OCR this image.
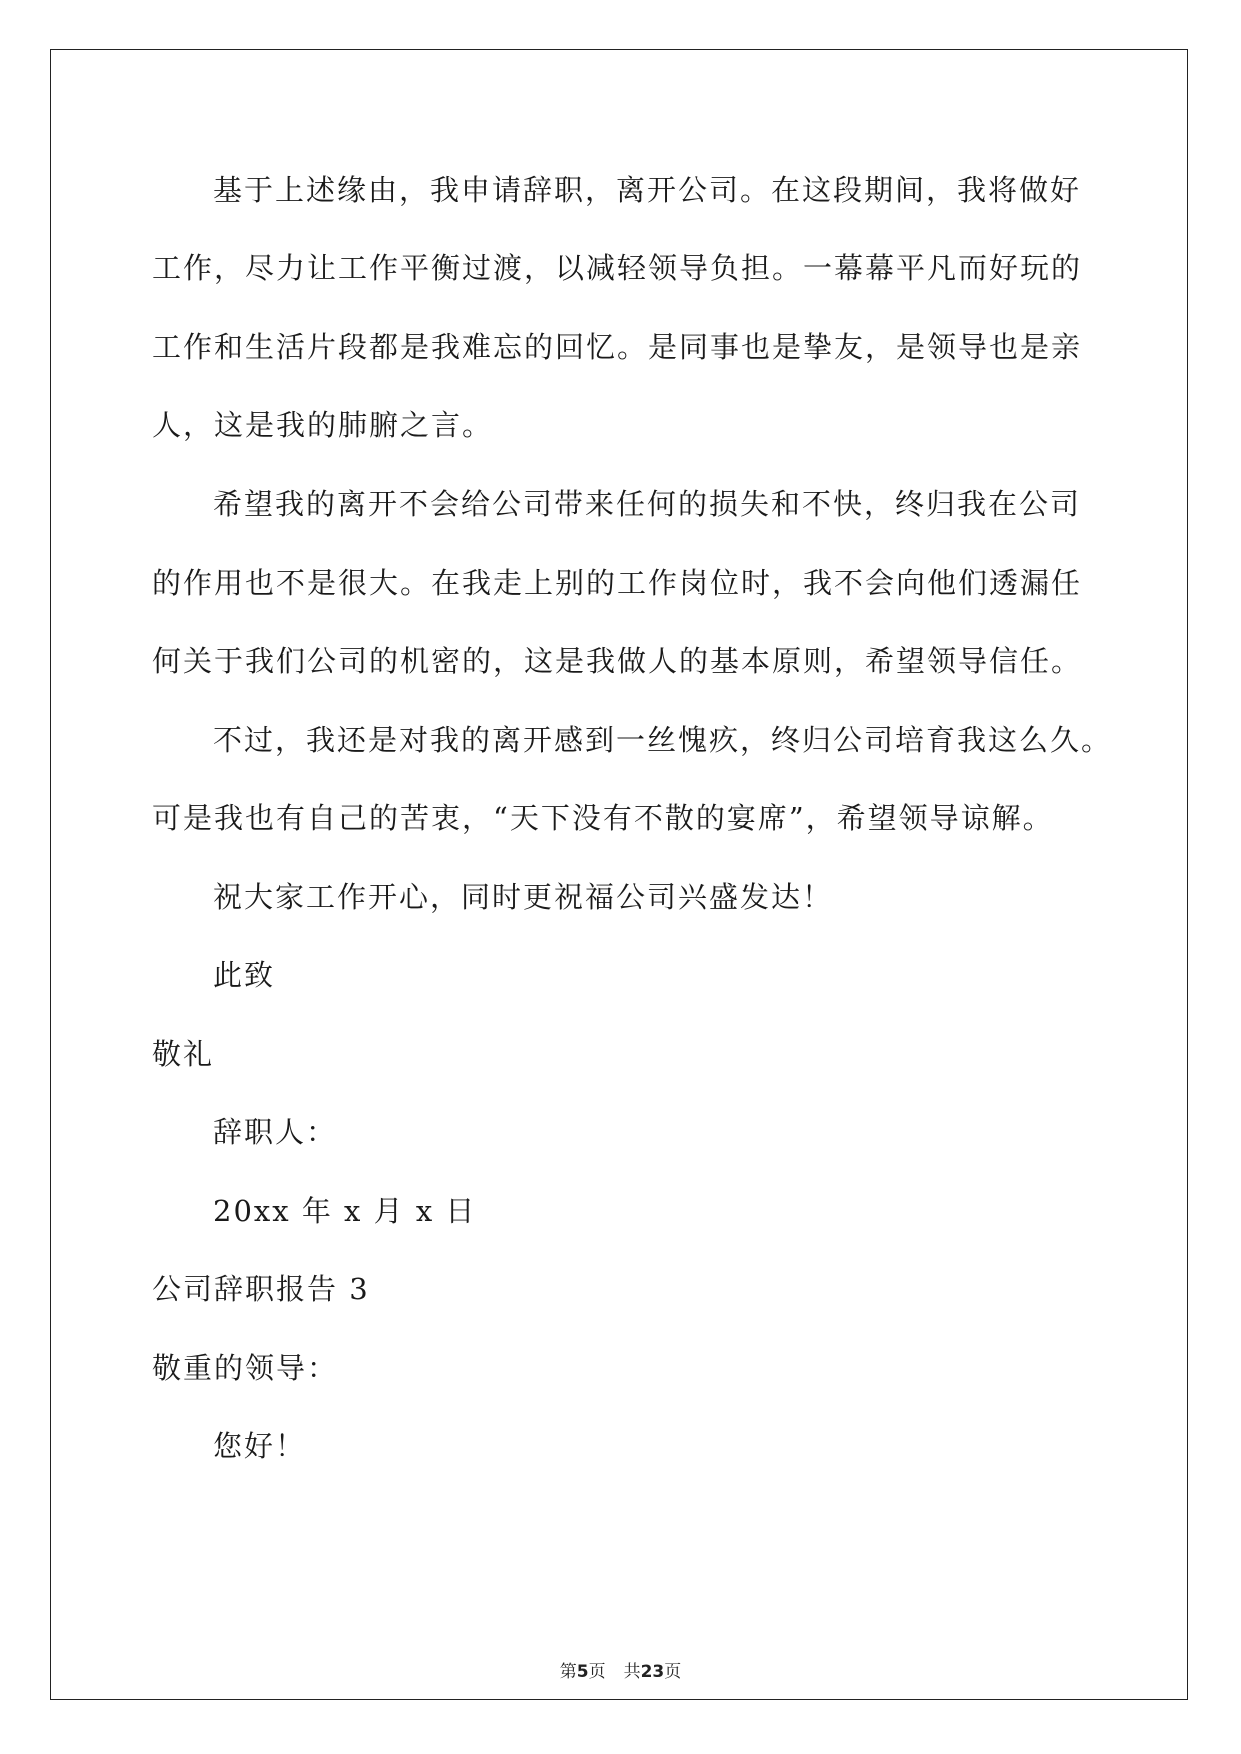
基于上述缘由，我申请辞职，离开公司。在这段期间，我将做好
工作，尽力让工作平衡过渡，以减轻领导负担。一幕幕平凡而好玩的
工作和生活片段都是我难忘的回忆。是同事也是挚友，是领导也是亲
人，这是我的肺腑之言。
希望我的离开不会给公司带来任何的损失和不快，终归我在公司
的作用也不是很大。在我走上别的工作岗位时，我不会向他们透漏任
何关于我们公司的机密的，这是我做人的基本原则，希望领导信任。
不过，我还是对我的离开感到一丝愧疚，终归公司培育我这么久。
可是我也有自己的苦衷，“天下没有不散的宴席”，希望领导谅解。
祝大家工作开心，同时更祝福公司兴盛发达！
此致
敬礼
辞职人：
20xx 年 x 月 x 日
公司辞职报告 3
敬重的领导：
您好！
第5页 共23页
